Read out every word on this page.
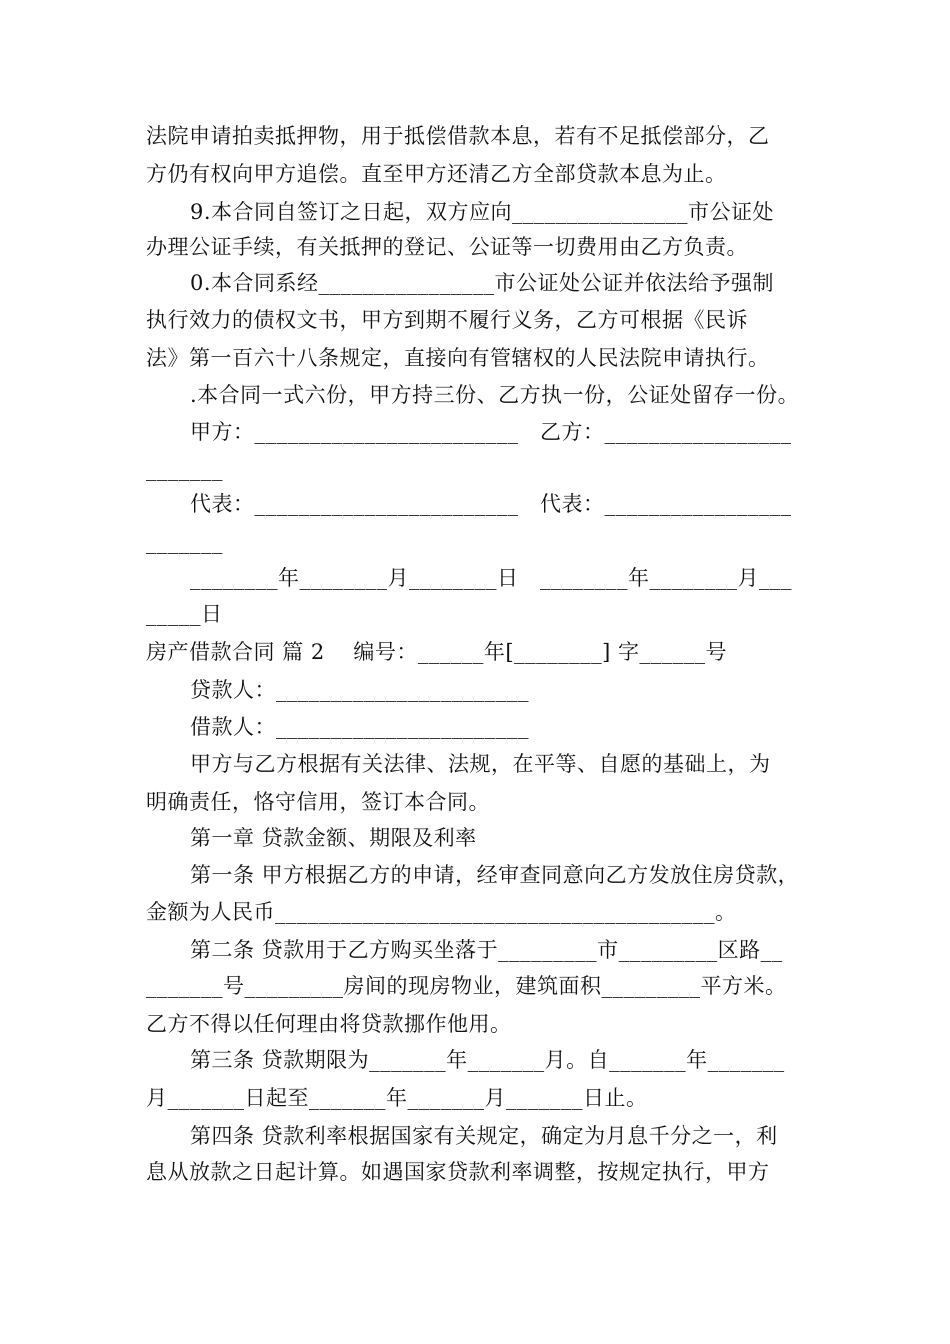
法院申请拍卖抵押物，用于抵偿借款本息，若有不足抵偿部分，乙
方仍有权向甲方追偿。直至甲方还清乙方全部贷款本息为止。
9.本合同自签订之日起，双方应向________________市公证处
办理公证手续，有关抵押的登记、公证等一切费用由乙方负责。
0.本合同系经________________市公证处公证并依法给予强制
执行效力的债权文书，甲方到期不履行义务，乙方可根据《民诉
法》第一百六十八条规定，直接向有管辖权的人民法院申请执行。
.本合同一式六份，甲方持三份、乙方执一份，公证处留存一份。
甲方：________________________   乙方：_________________
_______
代表：________________________   代表：_________________
_______
________年________月________日   ________年________月___
_____日
房产借款合同 篇 2    编号：______年[________] 字______号
贷款人：_______________________
借款人：_______________________
甲方与乙方根据有关法律、法规，在平等、自愿的基础上，为
明确责任，恪守信用，签订本合同。
第一章 贷款金额、期限及利率
第一条 甲方根据乙方的申请，经审查同意向乙方发放住房贷款，
金额为人民币________________________________________。
第二条 贷款用于乙方购买坐落于_________市_________区路__
_______号_________房间的现房物业，建筑面积_________平方米。
乙方不得以任何理由将贷款挪作他用。
第三条 贷款期限为_______年_______月。自_______年_______
月_______日起至_______年_______月_______日止。
第四条 贷款利率根据国家有关规定，确定为月息千分之一，利
息从放款之日起计算。如遇国家贷款利率调整，按规定执行，甲方
